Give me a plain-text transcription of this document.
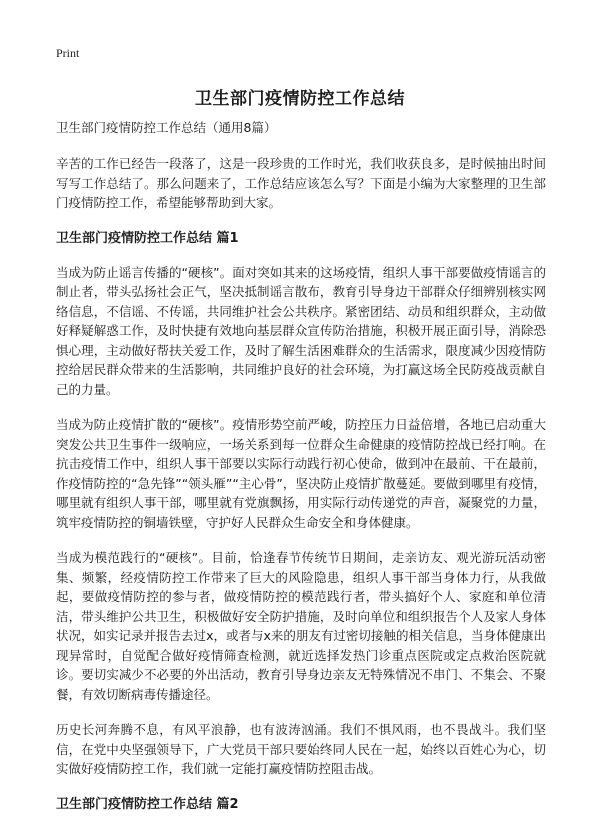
Print
卫生部门疫情防控工作总结

卫生部门疫情防控工作总结（通用8篇）

辛苦的工作已经告一段落了，这是一段珍贵的工作时光，我们收获良多，是时候抽出时间写写工作总结了。那么问题来了，工作总结应该怎么写？下面是小编为大家整理的卫生部门疫情防控工作，希望能够帮助到大家。

卫生部门疫情防控工作总结 篇1

当成为防止谣言传播的“硬核”。面对突如其来的这场疫情，组织人事干部要做疫情谣言的制止者，带头弘扬社会正气，坚决抵制谣言散布，教育引导身边干部群众仔细辨别核实网络信息，不信谣、不传谣，共同维护社会公共秩序。紧密团结、动员和组织群众，主动做好释疑解惑工作，及时快捷有效地向基层群众宣传防治措施，积极开展正面引导，消除恐惧心理，主动做好帮扶关爱工作，及时了解生活困难群众的生活需求，限度减少因疫情防控给居民群众带来的生活影响，共同维护良好的社会环境，为打赢这场全民防疫战贡献自己的力量。

当成为防止疫情扩散的“硬核”。疫情形势空前严峻，防控压力日益倍增，各地已启动重大突发公共卫生事件一级响应，一场关系到每一位群众生命健康的疫情防控战已经打响。在抗击疫情工作中，组织人事干部要以实际行动践行初心使命，做到冲在最前、干在最前，作疫情防控的“急先锋”“领头雁”“主心骨”，坚决防止疫情扩散蔓延。要做到哪里有疫情，哪里就有组织人事干部，哪里就有党旗飘扬，用实际行动传递党的声音，凝聚党的力量，筑牢疫情防控的铜墙铁壁，守护好人民群众生命安全和身体健康。

当成为模范践行的“硬核”。目前，恰逢春节传统节日期间，走亲访友、观光游玩活动密集、频繁，经疫情防控工作带来了巨大的风险隐患，组织人事干部当身体力行，从我做起，要做疫情防控的参与者，做疫情防控的模范践行者，带头搞好个人、家庭和单位清洁，带头维护公共卫生，积极做好安全防护措施，及时向单位和组织报告个人及家人身体状况，如实记录并报告去过x，或者与x来的朋友有过密切接触的相关信息，当身体健康出现异常时，自觉配合做好疫情筛查检测，就近选择发热门诊重点医院或定点救治医院就诊。要切实减少不必要的外出活动，教育引导身边亲友无特殊情况不串门、不集会、不聚餐，有效切断病毒传播途径。

历史长河奔腾不息，有风平浪静，也有波涛汹涌。我们不惧风雨，也不畏战斗。我们坚信，在党中央坚强领导下，广大党员干部只要始终同人民在一起，始终以百姓心为心，切实做好疫情防控工作，我们就一定能打赢疫情防控阻击战。

卫生部门疫情防控工作总结 篇2
